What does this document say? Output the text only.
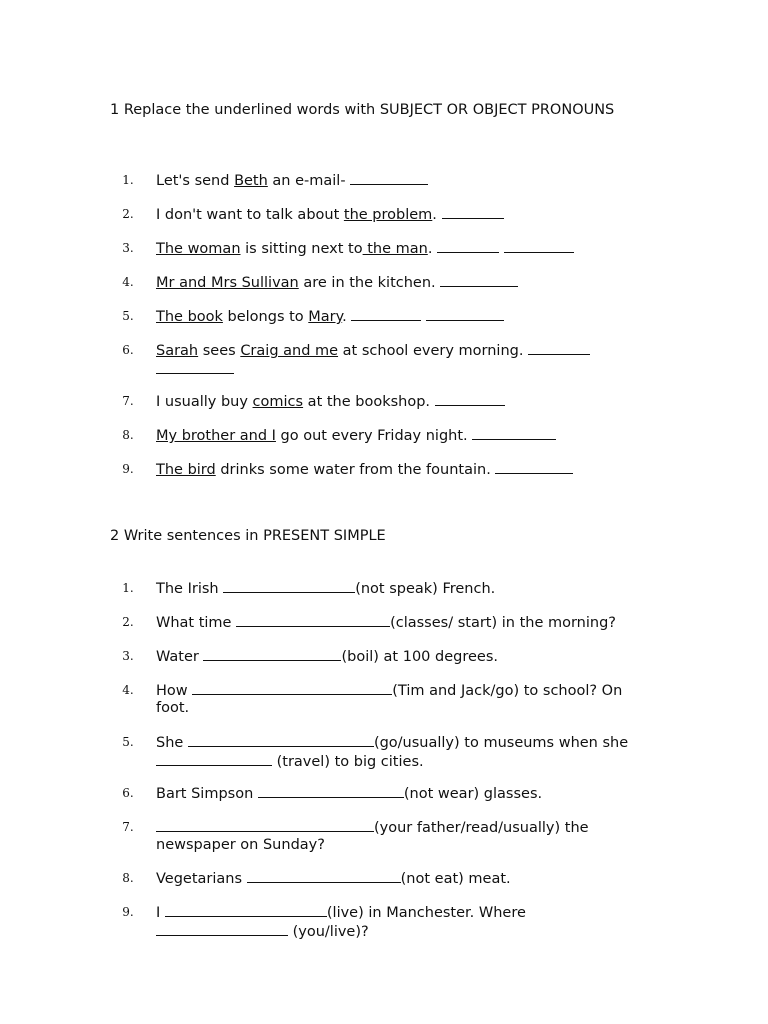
1 Replace the underlined words with SUBJECT OR OBJECT PRONOUNS
1.	Let's send Beth an e-mail-
2.	I don't want to talk about the problem.
3.	The woman is sitting next to the man.
4.	Mr and Mrs Sullivan are in the kitchen.
5.	The book belongs to Mary.
6.	Sarah sees Craig and me at school every morning.
7.	I usually buy comics at the bookshop.
8.	My brother and I go out every Friday night.
9.	The bird drinks some water from the fountain.
2 Write sentences in PRESENT SIMPLE
1.	The Irish	(not speak) French.
2.	What time	(classes/ start) in the morning?
3.	Water	(boil) at 100 degrees.
4.	How	(Tim and Jack/go) to school? On foot.
5.	She	(go/usually) to museums when she  (travel) to big cities.
6.	Bart Simpson	(not wear) glasses.
7.	(your father/read/usually) the newspaper on Sunday?
8.	Vegetarians	(not eat) meat.
9.	I	(live) in Manchester. Where  (you/live)?
